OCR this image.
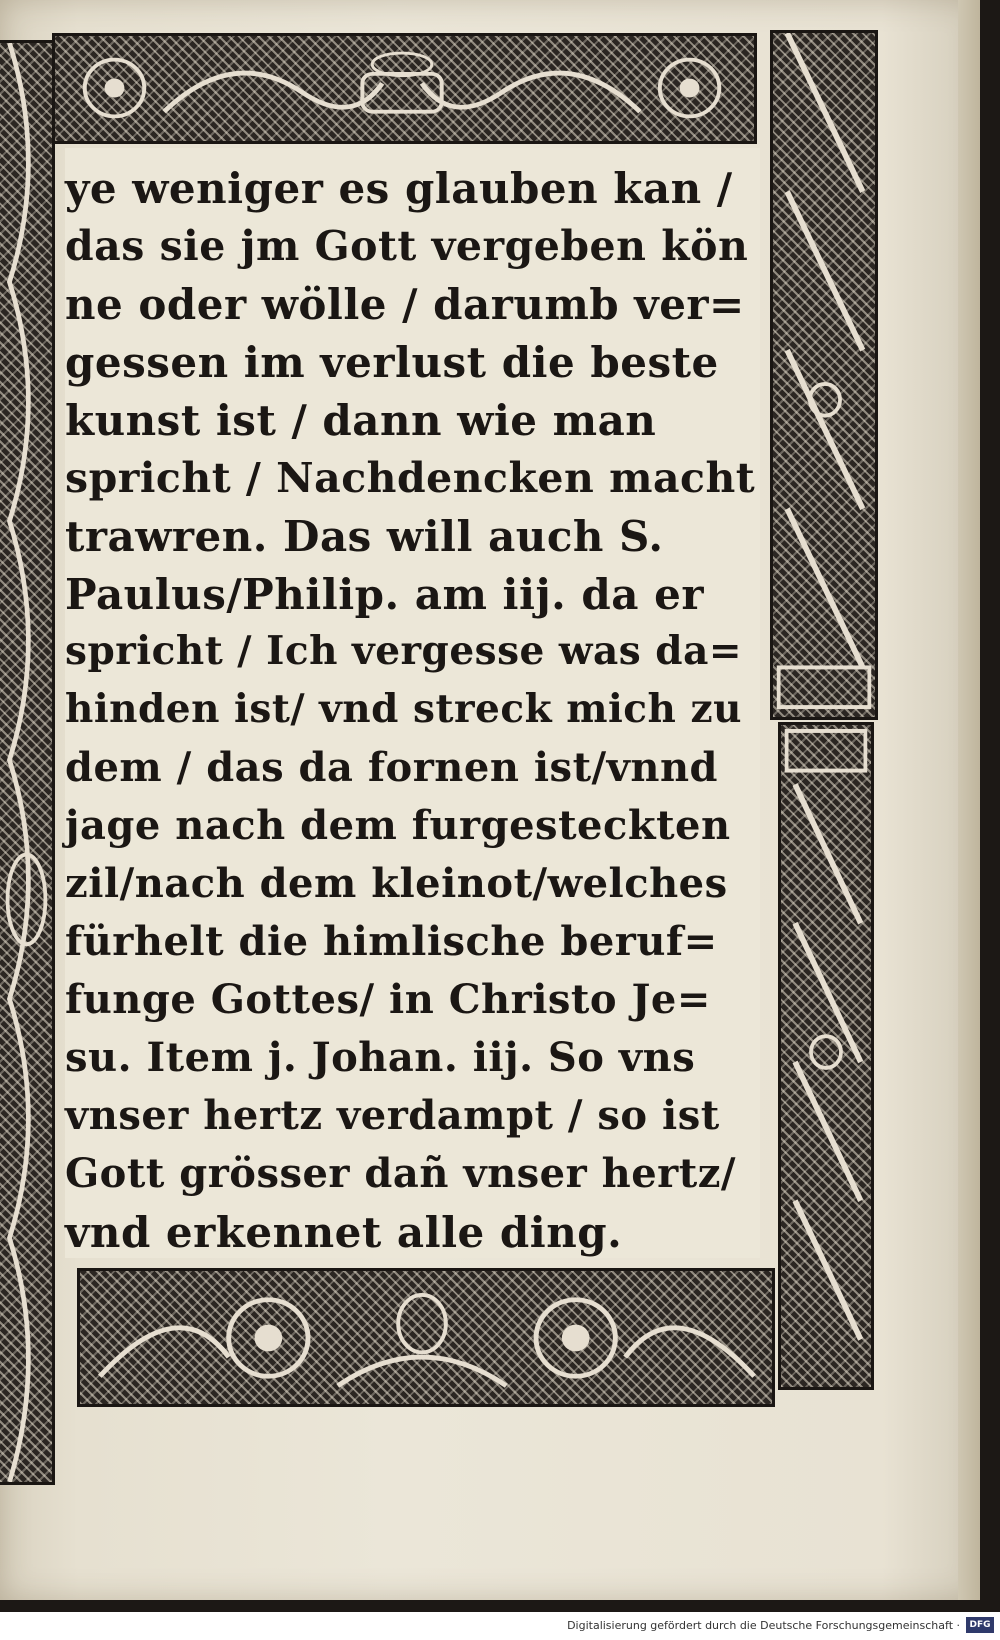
ye weniger es glauben kan /
das sie jm Gott vergeben kön
ne oder wölle / darumb ver=
gessen im verlust die beste
kunst ist / dann wie man
spricht / Nachdencken macht
trawren. Das will auch S.
Paulus/Philip. am iij. da er
spricht / Ich vergesse was da=
hinden ist/ vnd streck mich zu
dem / das da fornen ist/vnnd
jage nach dem furgesteckten
zil/nach dem kleinot/welches
fürhelt die himlische beruf=
funge Gottes/ in Christo Je=
su. Item j. Johan. iij. So vns
vnser hertz verdampt / so ist
Gott grösser dañ vnser hertz/
vnd erkennet alle ding.
Digitalisierung gefördert durch die Deutsche Forschungsgemeinschaft ·	DFG
